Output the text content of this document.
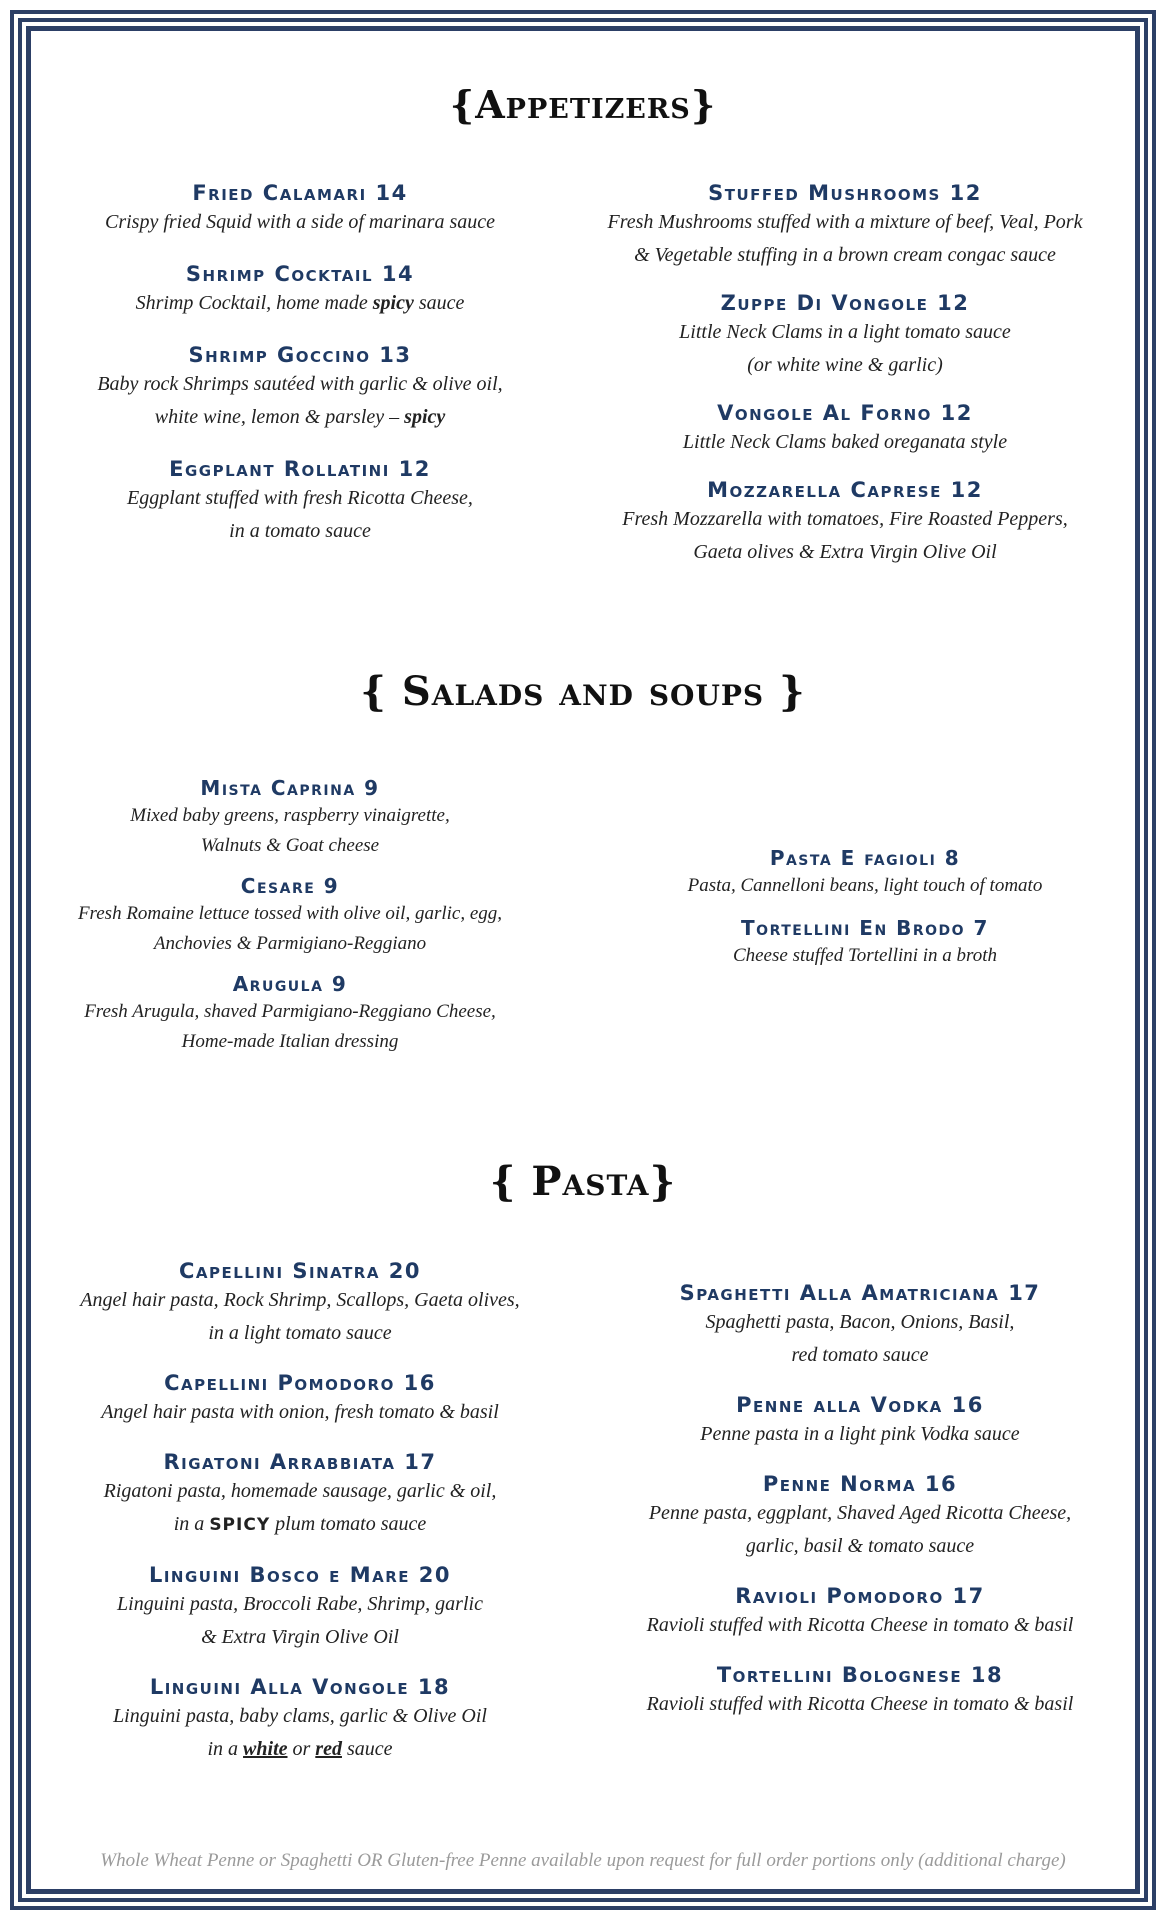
{Appetizers}
Fried Calamari 14
Crispy fried Squid with a side of marinara sauce
Shrimp Cocktail 14
Shrimp Cocktail, home made spicy sauce
Shrimp Goccino 13
Baby rock Shrimps sautéed with garlic & olive oil,
white wine, lemon & parsley – spicy
Eggplant Rollatini 12
Eggplant stuffed with fresh Ricotta Cheese,
in a tomato sauce
Stuffed Mushrooms 12
Fresh Mushrooms stuffed with a mixture of beef, Veal, Pork
& Vegetable stuffing in a brown cream congac sauce
Zuppe Di Vongole 12
Little Neck Clams in a light tomato sauce
(or white wine & garlic)
Vongole Al Forno 12
Little Neck Clams baked oreganata style
Mozzarella Caprese 12
Fresh Mozzarella with tomatoes, Fire Roasted Peppers,
Gaeta olives & Extra Virgin Olive Oil
{ Salads and soups }
Mista Caprina 9
Mixed baby greens, raspberry vinaigrette,
Walnuts & Goat cheese
Cesare 9
Fresh Romaine lettuce tossed with olive oil, garlic, egg,
Anchovies & Parmigiano-Reggiano
Arugula 9
Fresh Arugula, shaved Parmigiano-Reggiano Cheese,
Home-made Italian dressing
Pasta E fagioli 8
Pasta, Cannelloni beans, light touch of tomato
Tortellini En Brodo 7
Cheese stuffed Tortellini in a broth
{ Pasta}
Capellini Sinatra 20
Angel hair pasta, Rock Shrimp, Scallops, Gaeta olives,
in a light tomato sauce
Capellini Pomodoro 16
Angel hair pasta with onion, fresh tomato & basil
Rigatoni Arrabbiata 17
Rigatoni pasta, homemade sausage, garlic & oil,
in a SPICY plum tomato sauce
Linguini Bosco e Mare 20
Linguini pasta, Broccoli Rabe, Shrimp, garlic
& Extra Virgin Olive Oil
Linguini Alla Vongole 18
Linguini pasta, baby clams, garlic & Olive Oil
in a white or red sauce
Spaghetti Alla Amatriciana 17
Spaghetti pasta, Bacon, Onions, Basil,
red tomato sauce
Penne alla Vodka 16
Penne pasta in a light pink Vodka sauce
Penne Norma 16
Penne pasta, eggplant, Shaved Aged Ricotta Cheese,
garlic, basil & tomato sauce
Ravioli Pomodoro 17
Ravioli stuffed with Ricotta Cheese in tomato & basil
Tortellini Bolognese 18
Ravioli stuffed with Ricotta Cheese in tomato & basil
Whole Wheat Penne or Spaghetti OR Gluten-free Penne available upon request for full order portions only (additional charge)
